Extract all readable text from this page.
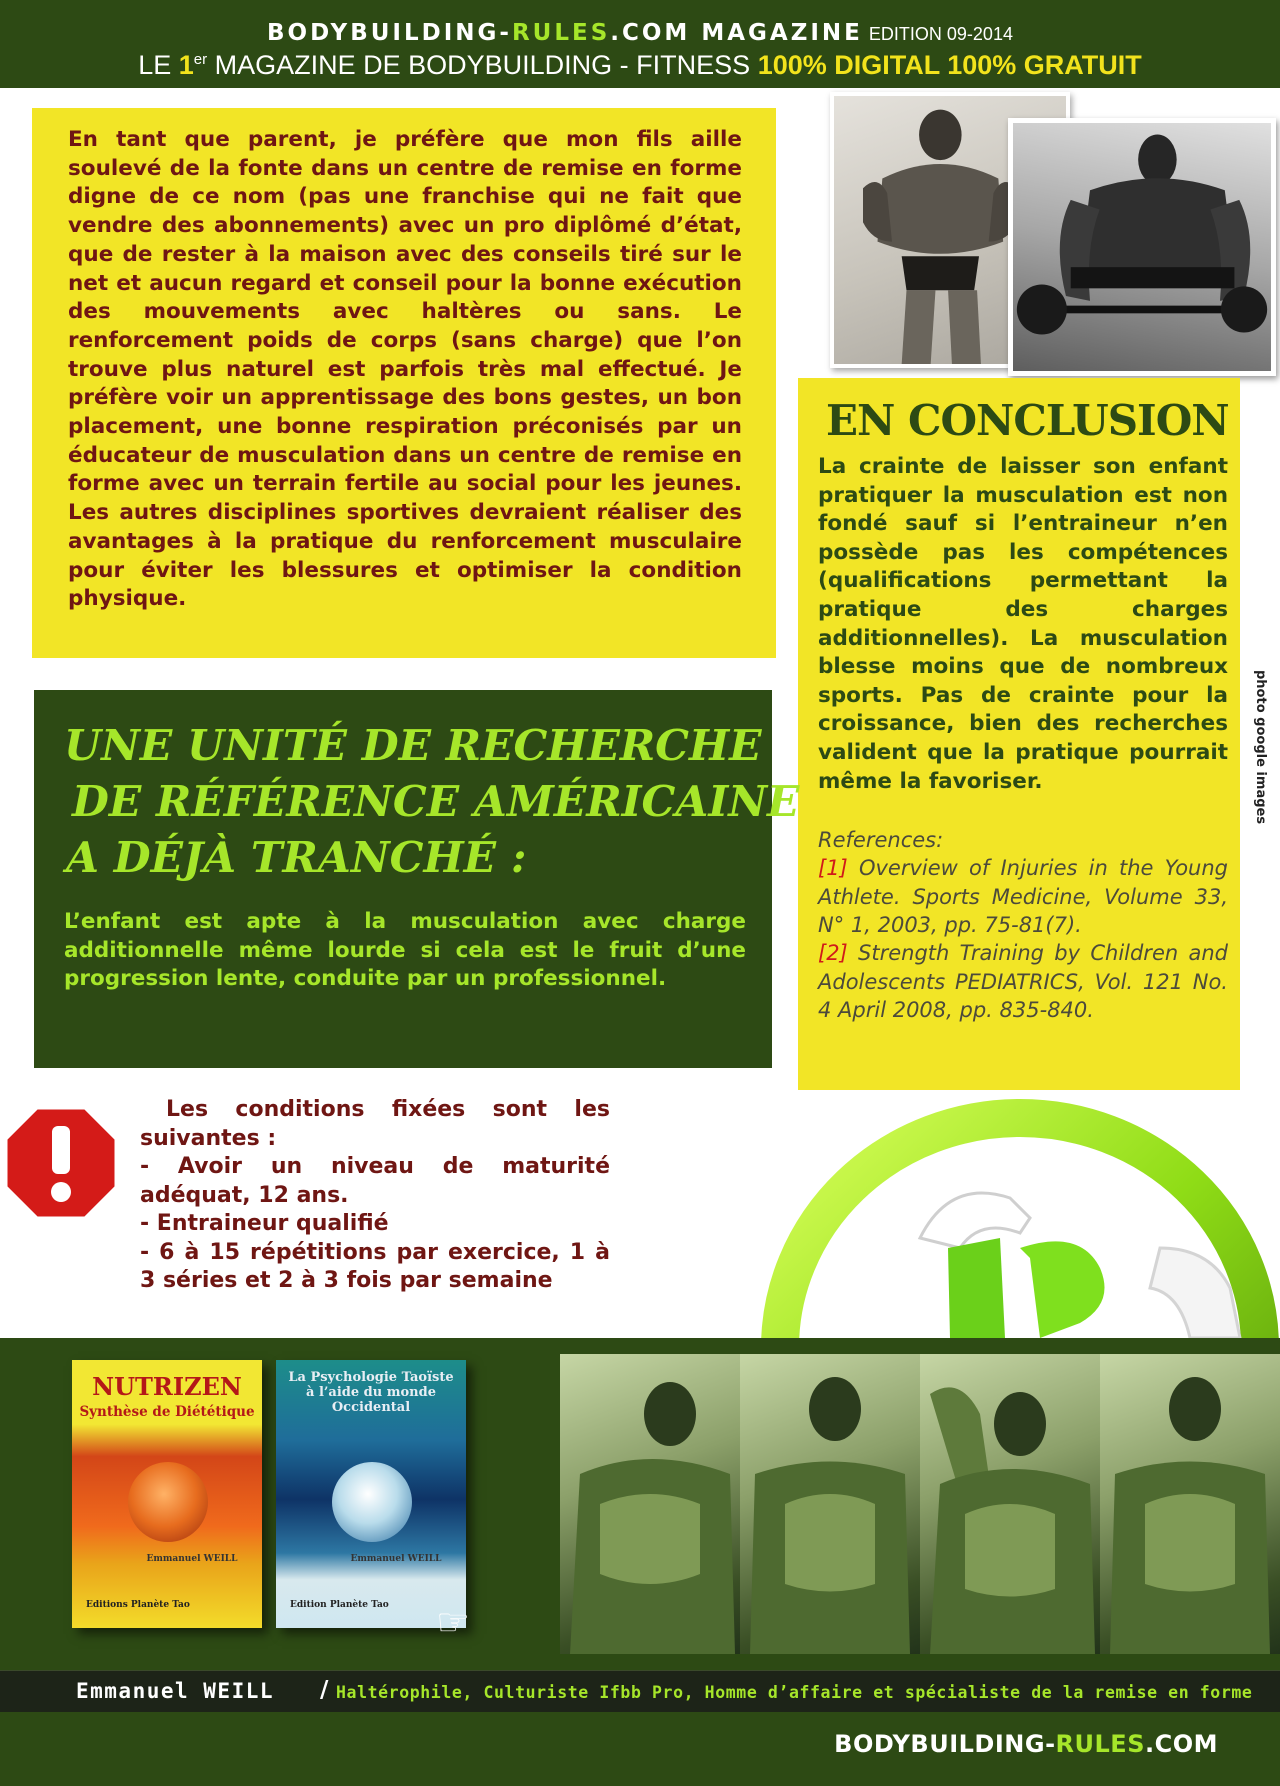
BODYBUILDING-RULES.COM MAGAZINE EDITION 09-2014
LE 1er MAGAZINE DE BODYBUILDING - FITNESS 100% DIGITAL 100% GRATUIT

En tant que parent, je préfère que mon fils aille soulevé de la fonte dans un centre de remise en forme digne de ce nom (pas une franchise qui ne fait que vendre des abonnements) avec un pro diplômé d’état, que de rester à la maison avec des conseils tiré sur le net et aucun regard et conseil pour la bonne exécution des mouvements avec haltères ou sans. Le renforcement poids de corps (sans charge) que l’on trouve plus naturel est parfois très mal effectué. Je préfère voir un apprentissage des bons gestes, un bon placement, une bonne respiration préconisés par un éducateur de musculation dans un centre de remise en forme avec un terrain fertile au social pour les jeunes. Les autres disciplines sportives devraient réaliser des avantages à la pratique du renforcement musculaire pour éviter les blessures et optimiser la condition physique.

EN CONCLUSION

La crainte de laisser son enfant pratiquer la musculation est non fondé sauf si l’entraineur n’en possède pas les compétences (qualifications permettant la pratique des charges additionnelles). La musculation blesse moins que de nombreux sports. Pas de crainte pour la croissance, bien des recherches valident que la pratique pourrait même la favoriser.

References:
[1] Overview of Injuries in the Young Athlete. Sports Medicine, Volume 33, N° 1, 2003, pp. 75-81(7).
[2] Strength Training by Children and Adolescents PEDIATRICS, Vol. 121 No. 4 April 2008, pp. 835-840.
photo google images
UNE UNITÉ DE RECHERCHE
DE RÉFÉRENCE AMÉRICAINE
A DÉJÀ TRANCHÉ :

L’enfant est apte à la musculation avec charge additionnelle même lourde si cela est le fruit d’une progression lente, conduite par un professionnel.

Les conditions fixées sont les suivantes :
- Avoir un niveau de maturité adéquat, 12 ans.
- Entraineur qualifié
- 6 à 15 répétitions par exercice, 1 à 3 séries et 2 à 3 fois par semaine
NUTRIZEN
Synthèse de Diététique
Emmanuel WEILL
Editions Planète Tao
La Psychologie Taoïste à l’aide du monde Occidental
Emmanuel WEILL
Edition Planète Tao ☞
Emmanuel WEILL / Haltérophile, Culturiste Ifbb Pro, Homme d’affaire et spécialiste de la remise en forme
BODYBUILDING-RULES.COM
